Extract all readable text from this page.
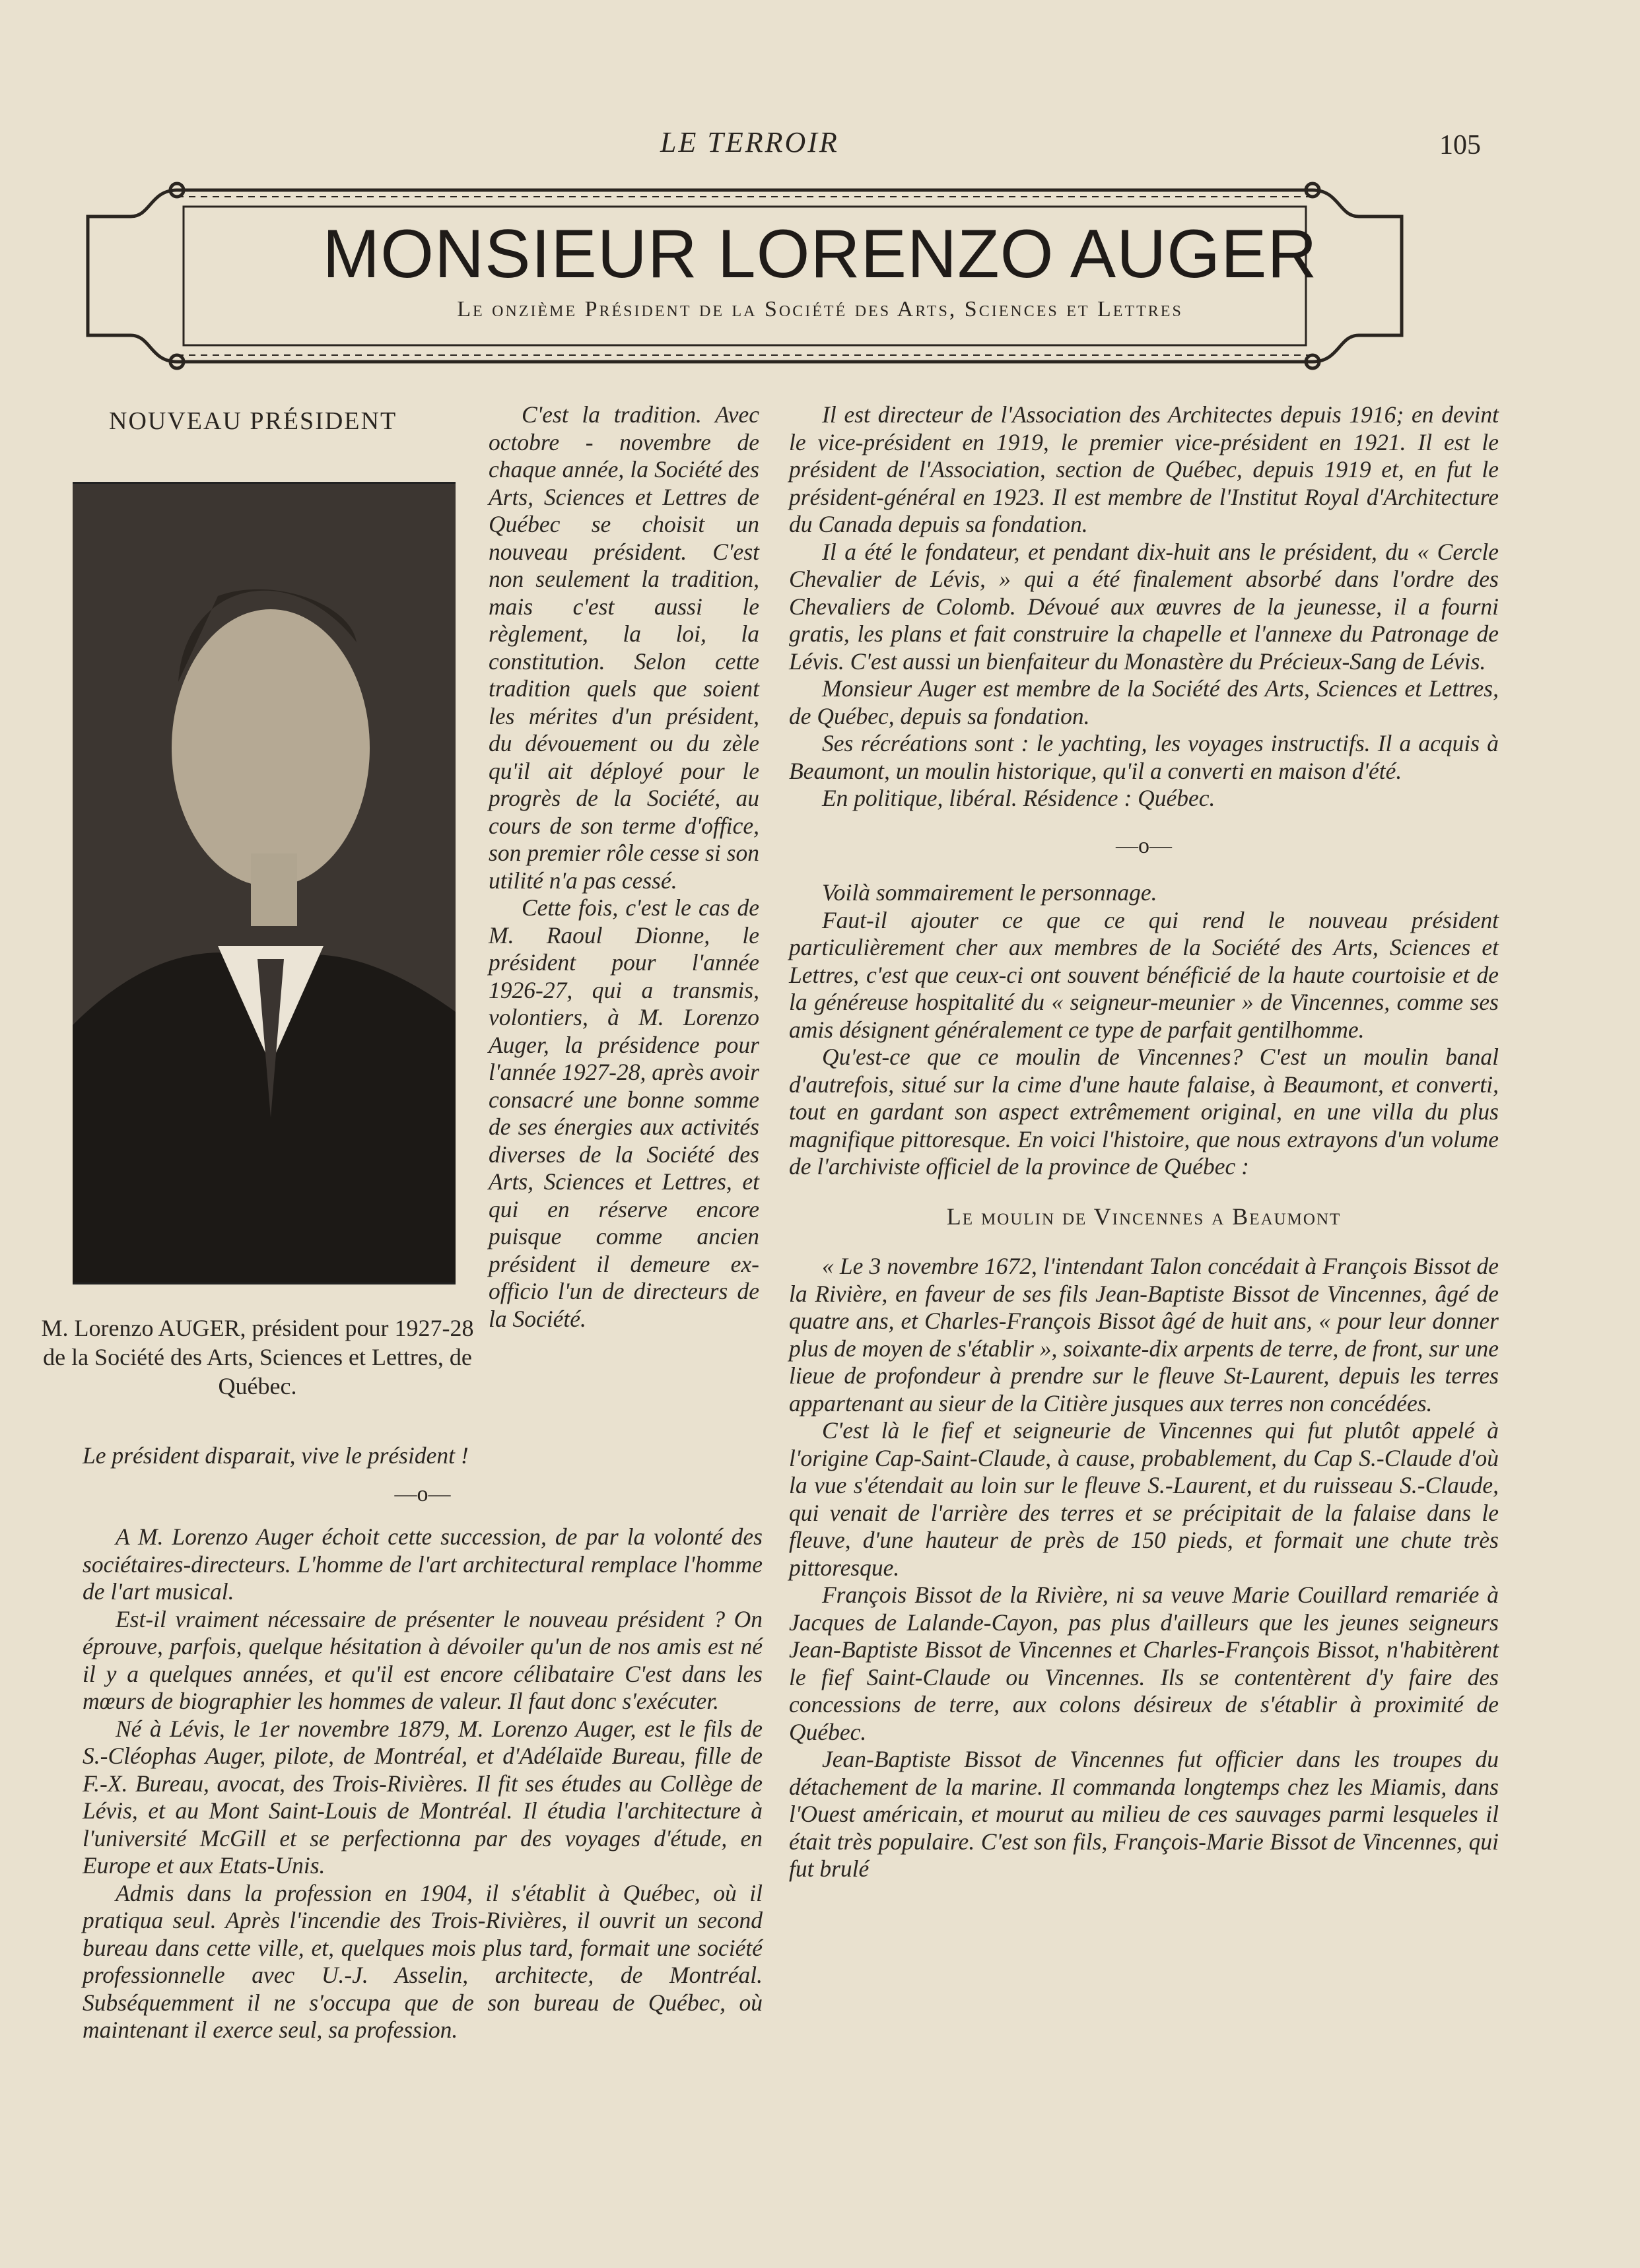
LE TERROIR	105
MONSIEUR LORENZO AUGER
Le onzième Président de la Société des Arts, Sciences et Lettres
NOUVEAU PRÉSIDENT
M. Lorenzo AUGER, président pour 1927-28 de la Société des Arts, Sciences et Lettres, de Québec.

C'est la tradition. Avec octobre - novembre de chaque année, la Société des Arts, Sciences et Lettres de Québec se choisit un nouveau président. C'est non seulement la tradition, mais c'est aussi le règlement, la loi, la constitution. Selon cette tradition quels que soient les mérites d'un président, du dévouement ou du zèle qu'il ait déployé pour le progrès de la Société, au cours de son terme d'office, son premier rôle cesse si son utilité n'a pas cessé.

Cette fois, c'est le cas de M. Raoul Dionne, le président pour l'année 1926-27, qui a transmis, volontiers, à M. Lorenzo Auger, la présidence pour l'année 1927-28, après avoir consacré une bonne somme de ses énergies aux activités diverses de la Société des Arts, Sciences et Lettres, et qui en réserve encore puisque comme ancien président il demeure ex-officio l'un de directeurs de la Société.

Le président disparait, vive le président !

—o—

A M. Lorenzo Auger échoit cette succession, de par la volonté des sociétaires-directeurs. L'homme de l'art architectural remplace l'homme de l'art musical.

Est-il vraiment nécessaire de présenter le nouveau président ? On éprouve, parfois, quelque hésitation à dévoiler qu'un de nos amis est né il y a quelques années, et qu'il est encore célibataire C'est dans les mœurs de biographier les hommes de valeur. Il faut donc s'exécuter.

Né à Lévis, le 1er novembre 1879, M. Lorenzo Auger, est le fils de S.-Cléophas Auger, pilote, de Montréal, et d'Adélaïde Bureau, fille de F.-X. Bureau, avocat, des Trois-Rivières. Il fit ses études au Collège de Lévis, et au Mont Saint-Louis de Montréal. Il étudia l'architecture à l'université McGill et se perfectionna par des voyages d'étude, en Europe et aux Etats-Unis.

Admis dans la profession en 1904, il s'établit à Québec, où il pratiqua seul. Après l'incendie des Trois-Rivières, il ouvrit un second bureau dans cette ville, et, quelques mois plus tard, formait une société professionnelle avec U.-J. Asselin, architecte, de Montréal. Subséquemment il ne s'occupa que de son bureau de Québec, où maintenant il exerce seul, sa profession.

Il est directeur de l'Association des Architectes depuis 1916; en devint le vice-président en 1919, le premier vice-président en 1921. Il est le président de l'Association, section de Québec, depuis 1919 et, en fut le président-général en 1923. Il est membre de l'Institut Royal d'Architecture du Canada depuis sa fondation.

Il a été le fondateur, et pendant dix-huit ans le président, du « Cercle Chevalier de Lévis, » qui a été finalement absorbé dans l'ordre des Chevaliers de Colomb. Dévoué aux œuvres de la jeunesse, il a fourni gratis, les plans et fait construire la chapelle et l'annexe du Patronage de Lévis. C'est aussi un bienfaiteur du Monastère du Précieux-Sang de Lévis.

Monsieur Auger est membre de la Société des Arts, Sciences et Lettres, de Québec, depuis sa fondation.

Ses récréations sont : le yachting, les voyages instructifs. Il a acquis à Beaumont, un moulin historique, qu'il a converti en maison d'été.

En politique, libéral. Résidence : Québec.

—o—

Voilà sommairement le personnage.

Faut-il ajouter ce que ce qui rend le nouveau président particulièrement cher aux membres de la Société des Arts, Sciences et Lettres, c'est que ceux-ci ont souvent bénéficié de la haute courtoisie et de la généreuse hospitalité du « seigneur-meunier » de Vincennes, comme ses amis désignent généralement ce type de parfait gentilhomme.

Qu'est-ce que ce moulin de Vincennes? C'est un moulin banal d'autrefois, situé sur la cime d'une haute falaise, à Beaumont, et converti, tout en gardant son aspect extrêmement original, en une villa du plus magnifique pittoresque. En voici l'histoire, que nous extrayons d'un volume de l'archiviste officiel de la province de Québec :

Le moulin de Vincennes a Beaumont

« Le 3 novembre 1672, l'intendant Talon concédait à François Bissot de la Rivière, en faveur de ses fils Jean-Baptiste Bissot de Vincennes, âgé de quatre ans, et Charles-François Bissot âgé de huit ans, « pour leur donner plus de moyen de s'établir », soixante-dix arpents de terre, de front, sur une lieue de profondeur à prendre sur le fleuve St-Laurent, depuis les terres appartenant au sieur de la Citière jusques aux terres non concédées.

C'est là le fief et seigneurie de Vincennes qui fut plutôt appelé à l'origine Cap-Saint-Claude, à cause, probablement, du Cap S.-Claude d'où la vue s'étendait au loin sur le fleuve S.-Laurent, et du ruisseau S.-Claude, qui venait de l'arrière des terres et se précipitait de la falaise dans le fleuve, d'une hauteur de près de 150 pieds, et formait une chute très pittoresque.

François Bissot de la Rivière, ni sa veuve Marie Couillard remariée à Jacques de Lalande-Cayon, pas plus d'ailleurs que les jeunes seigneurs Jean-Baptiste Bissot de Vincennes et Charles-François Bissot, n'habitèrent le fief Saint-Claude ou Vincennes. Ils se contentèrent d'y faire des concessions de terre, aux colons désireux de s'établir à proximité de Québec.

Jean-Baptiste Bissot de Vincennes fut officier dans les troupes du détachement de la marine. Il commanda longtemps chez les Miamis, dans l'Ouest américain, et mourut au milieu de ces sauvages parmi lesqueles il était très populaire. C'est son fils, François-Marie Bissot de Vincennes, qui fut brulé
